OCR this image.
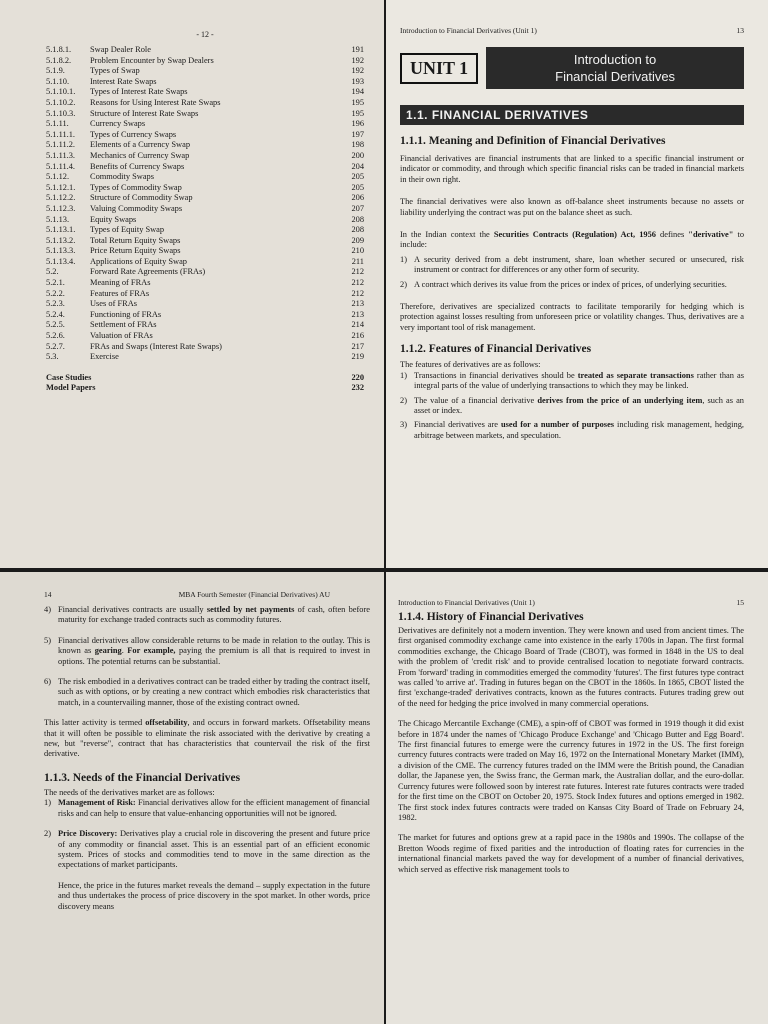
- 12 -
5.1.8.1.	Swap Dealer Role	191
5.1.8.2.	Problem Encounter by Swap Dealers	192
5.1.9.	Types of Swap	192
5.1.10.	Interest Rate Swaps	193
5.1.10.1.	Types of Interest Rate Swaps	194
5.1.10.2.	Reasons for Using Interest Rate Swaps	195
5.1.10.3.	Structure of Interest Rate Swaps	195
5.1.11.	Currency Swaps	196
5.1.11.1.	Types of Currency Swaps	197
5.1.11.2.	Elements of a Currency Swap	198
5.1.11.3.	Mechanics of Currency Swap	200
5.1.11.4.	Benefits of Currency Swaps	204
5.1.12.	Commodity Swaps	205
5.1.12.1.	Types of Commodity Swap	205
5.1.12.2.	Structure of Commodity Swap	206
5.1.12.3.	Valuing Commodity Swaps	207
5.1.13.	Equity Swaps	208
5.1.13.1.	Types of Equity Swap	208
5.1.13.2.	Total Return Equity Swaps	209
5.1.13.3.	Price Return Equity Swaps	210
5.1.13.4.	Applications of Equity Swap	211
5.2.	Forward Rate Agreements (FRAs)	212
5.2.1.	Meaning of FRAs	212
5.2.2.	Features of FRAs	212
5.2.3.	Uses of FRAs	213
5.2.4.	Functioning of FRAs	213
5.2.5.	Settlement of FRAs	214
5.2.6.	Valuation of FRAs	216
5.2.7.	FRAs and Swaps (Interest Rate Swaps)	217
5.3.	Exercise	219
Case Studies	220
Model Papers	232
Introduction to Financial Derivatives (Unit 1)	13
UNIT 1	Introduction to
Financial Derivatives
1.1. FINANCIAL DERIVATIVES
1.1.1. Meaning and Definition of Financial Derivatives
Financial derivatives are financial instruments that are linked to a specific financial instrument or indicator or commodity, and through which specific financial risks can be traded in financial markets in their own right.
The financial derivatives were also known as off-balance sheet instruments because no assets or liability underlying the contract was put on the balance sheet as such.
In the Indian context the Securities Contracts (Regulation) Act, 1956 defines "derivative" to include:
1) A security derived from a debt instrument, share, loan whether secured or unsecured, risk instrument or contract for differences or any other form of security.
2) A contract which derives its value from the prices or index of prices, of underlying securities.
Therefore, derivatives are specialized contracts to facilitate temporarily for hedging which is protection against losses resulting from unforeseen price or volatility changes. Thus, derivatives are a very important tool of risk management.
1.1.2. Features of Financial Derivatives
The features of derivatives are as follows:
1) Transactions in financial derivatives should be treated as separate transactions rather than as integral parts of the value of underlying transactions to which they may be linked.
2) The value of a financial derivative derives from the price of an underlying item, such as an asset or index.
3) Financial derivatives are used for a number of purposes including risk management, hedging, arbitrage between markets, and speculation.
14	MBA Fourth Semester (Financial Derivatives) AU
4) Financial derivatives contracts are usually settled by net payments of cash, often before maturity for exchange traded contracts such as commodity futures.
5) Financial derivatives allow considerable returns to be made in relation to the outlay. This is known as gearing. For example, paying the premium is all that is required to invest in options. The potential returns can be substantial.
6) The risk embodied in a derivatives contract can be traded either by trading the contract itself, such as with options, or by creating a new contract which embodies risk characteristics that match, in a countervailing manner, those of the existing contract owned.
This latter activity is termed offsetability, and occurs in forward markets. Offsetability means that it will often be possible to eliminate the risk associated with the derivative by creating a new, but "reverse", contract that has characteristics that countervail the risk of the first derivative.
1.1.3. Needs of the Financial Derivatives
The needs of the derivatives market are as follows:
1) Management of Risk: Financial derivatives allow for the efficient management of financial risks and can help to ensure that value-enhancing opportunities will not be ignored.
2) Price Discovery: Derivatives play a crucial role in discovering the present and future price of any commodity or financial asset. This is an essential part of an efficient economic system. Prices of stocks and commodities tend to move in the same direction as the expectations of market participants.
Hence, the price in the futures market reveals the demand – supply expectation in the future and thus undertakes the process of price discovery in the spot market. In other words, price discovery means
Introduction to Financial Derivatives (Unit 1)	15
1.1.4. History of Financial Derivatives
Derivatives are definitely not a modern invention. They were known and used from ancient times. The first organised commodity exchange came into existence in the early 1700s in Japan. The first formal commodities exchange, the Chicago Board of Trade (CBOT), was formed in 1848 in the US to deal with the problem of 'credit risk' and to provide centralised location to negotiate forward contracts. From 'forward' trading in commodities emerged the commodity 'futures'. The first futures type contract was called 'to arrive at'. Trading in futures began on the CBOT in the 1860s. In 1865, CBOT listed the first 'exchange-traded' derivatives contracts, known as the futures contracts. Futures trading grew out of the need for hedging the price involved in many commercial operations.
The Chicago Mercantile Exchange (CME), a spin-off of CBOT was formed in 1919 though it did exist before in 1874 under the names of 'Chicago Produce Exchange' and 'Chicago Butter and Egg Board'. The first financial futures to emerge were the currency futures in 1972 in the US. The first foreign currency futures contracts were traded on May 16, 1972 on the International Monetary Market (IMM), a division of the CME. The currency futures traded on the IMM were the British pound, the Canadian dollar, the Japanese yen, the Swiss franc, the German mark, the Australian dollar, and the euro-dollar. Currency futures were followed soon by interest rate futures. Interest rate futures contracts were traded for the first time on the CBOT on October 20, 1975. Stock Index futures and options emerged in 1982. The first stock index futures contracts were traded on Kansas City Board of Trade on February 24, 1982.
The market for futures and options grew at a rapid pace in the 1980s and 1990s. The collapse of the Bretton Woods regime of fixed parities and the introduction of floating rates for currencies in the international financial markets paved the way for development of a number of financial derivatives, which served as effective risk management tools to
